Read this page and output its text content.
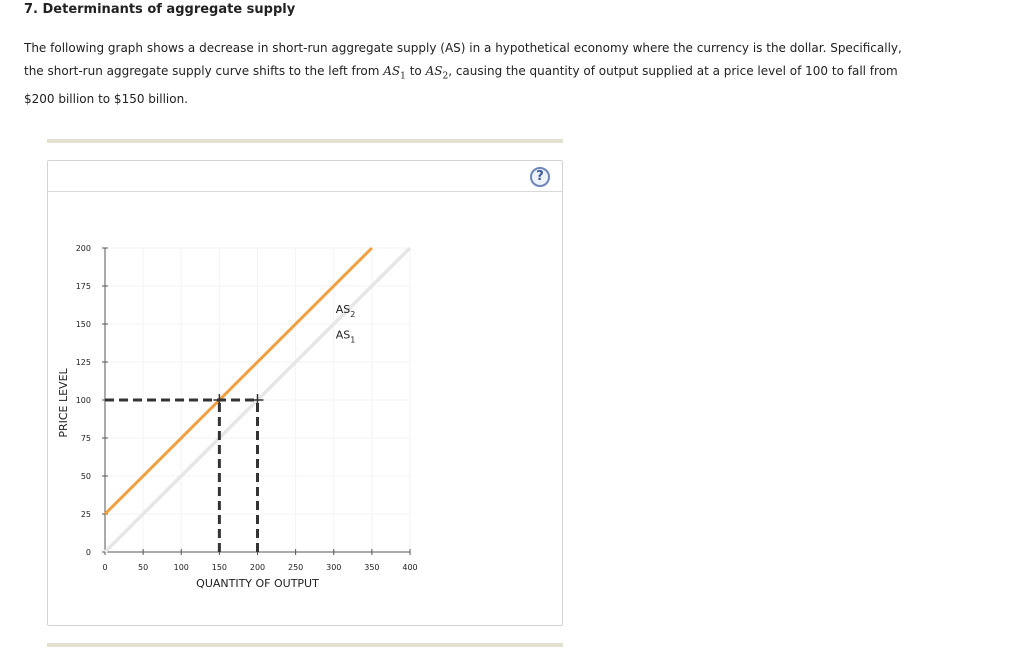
7. Determinants of aggregate supply

The following graph shows a decrease in short-run aggregate supply (AS) in a hypothetical economy where the currency is the dollar. Specifically, the short-run aggregate supply curve shifts to the left from $AS_1$ to $AS_2$, causing the quantity of output supplied at a price level of 100 to fall from $200 billion to $150 billion.

?
0	50	100	150	200	250	300	350	400
0
25
50
75
100
125
150
175
200
QUANTITY OF OUTPUT
PRICE LEVEL
$AS_1$
$AS_2$
